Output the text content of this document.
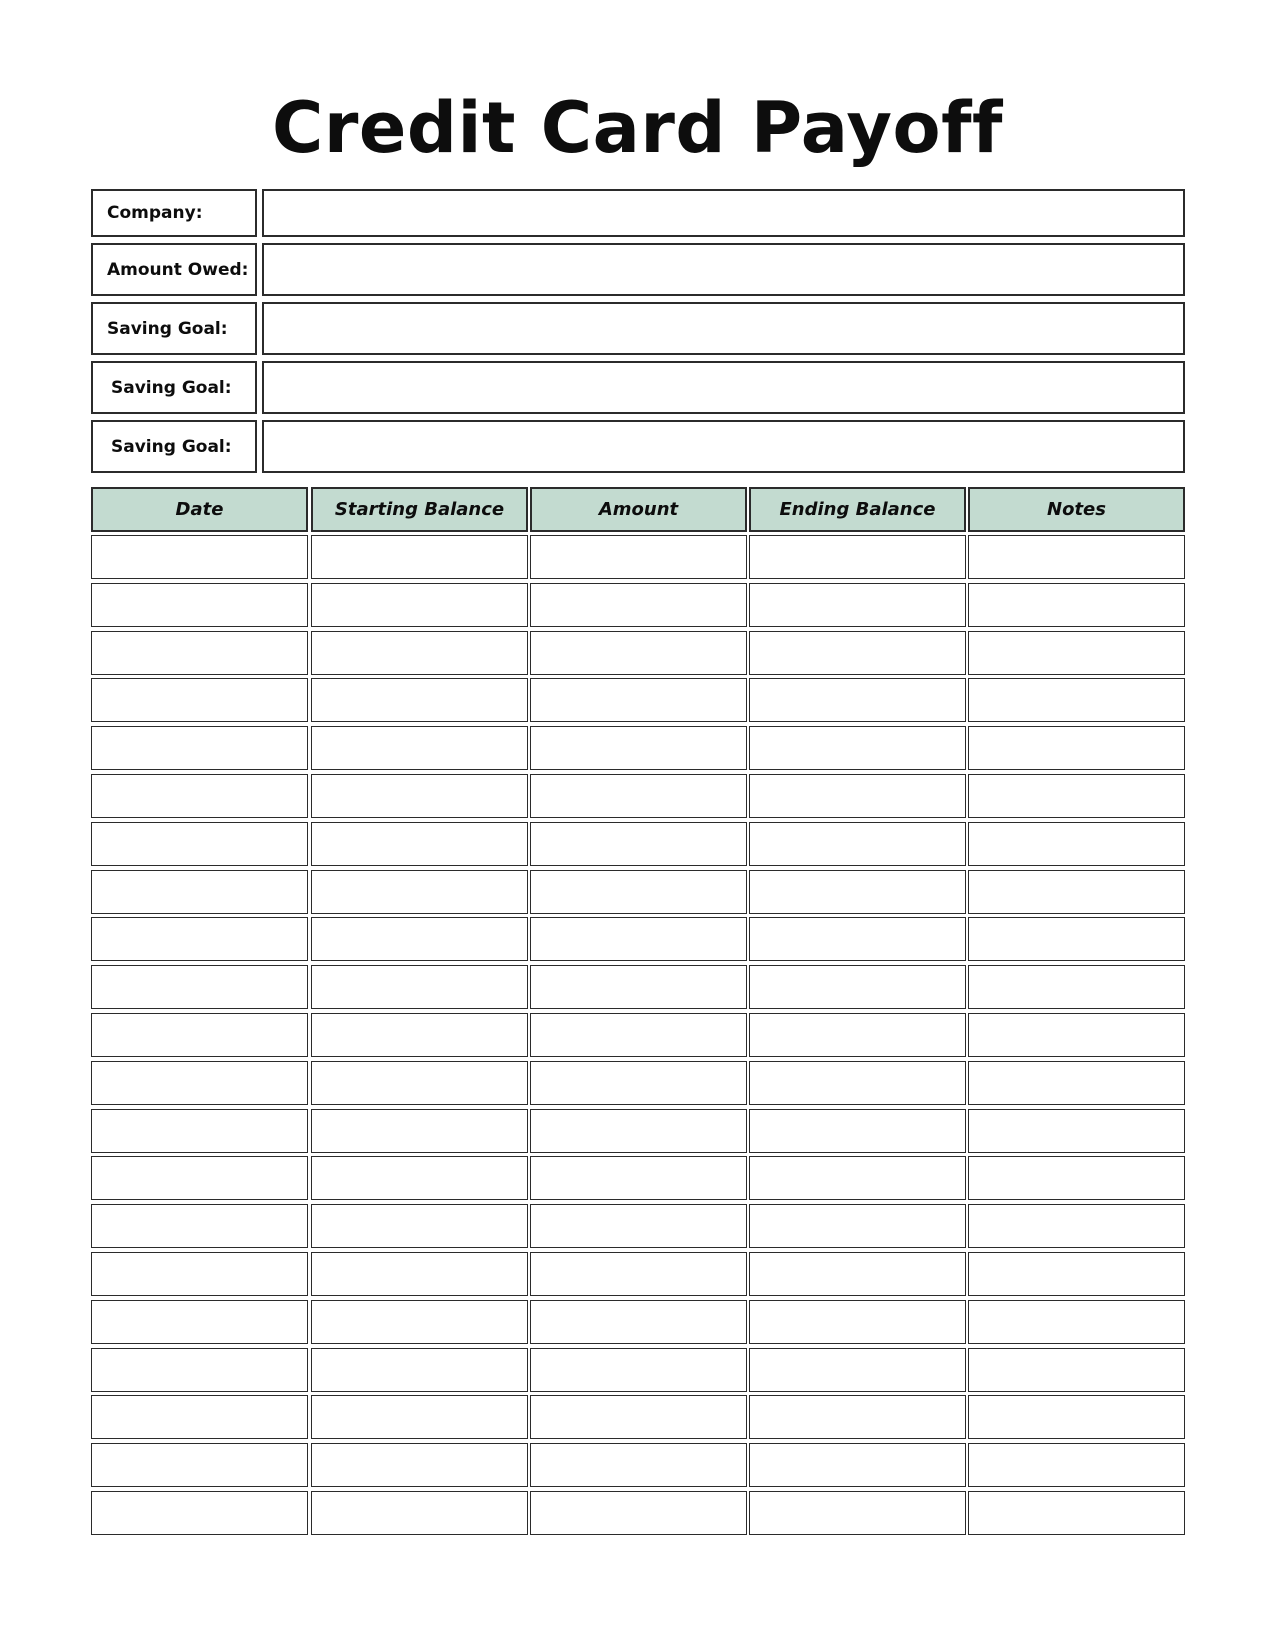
Credit Card Payoff
Company:
Amount Owed:
Saving Goal:
Saving Goal:
Saving Goal:
Date	Starting Balance	Amount	Ending Balance	Notes
